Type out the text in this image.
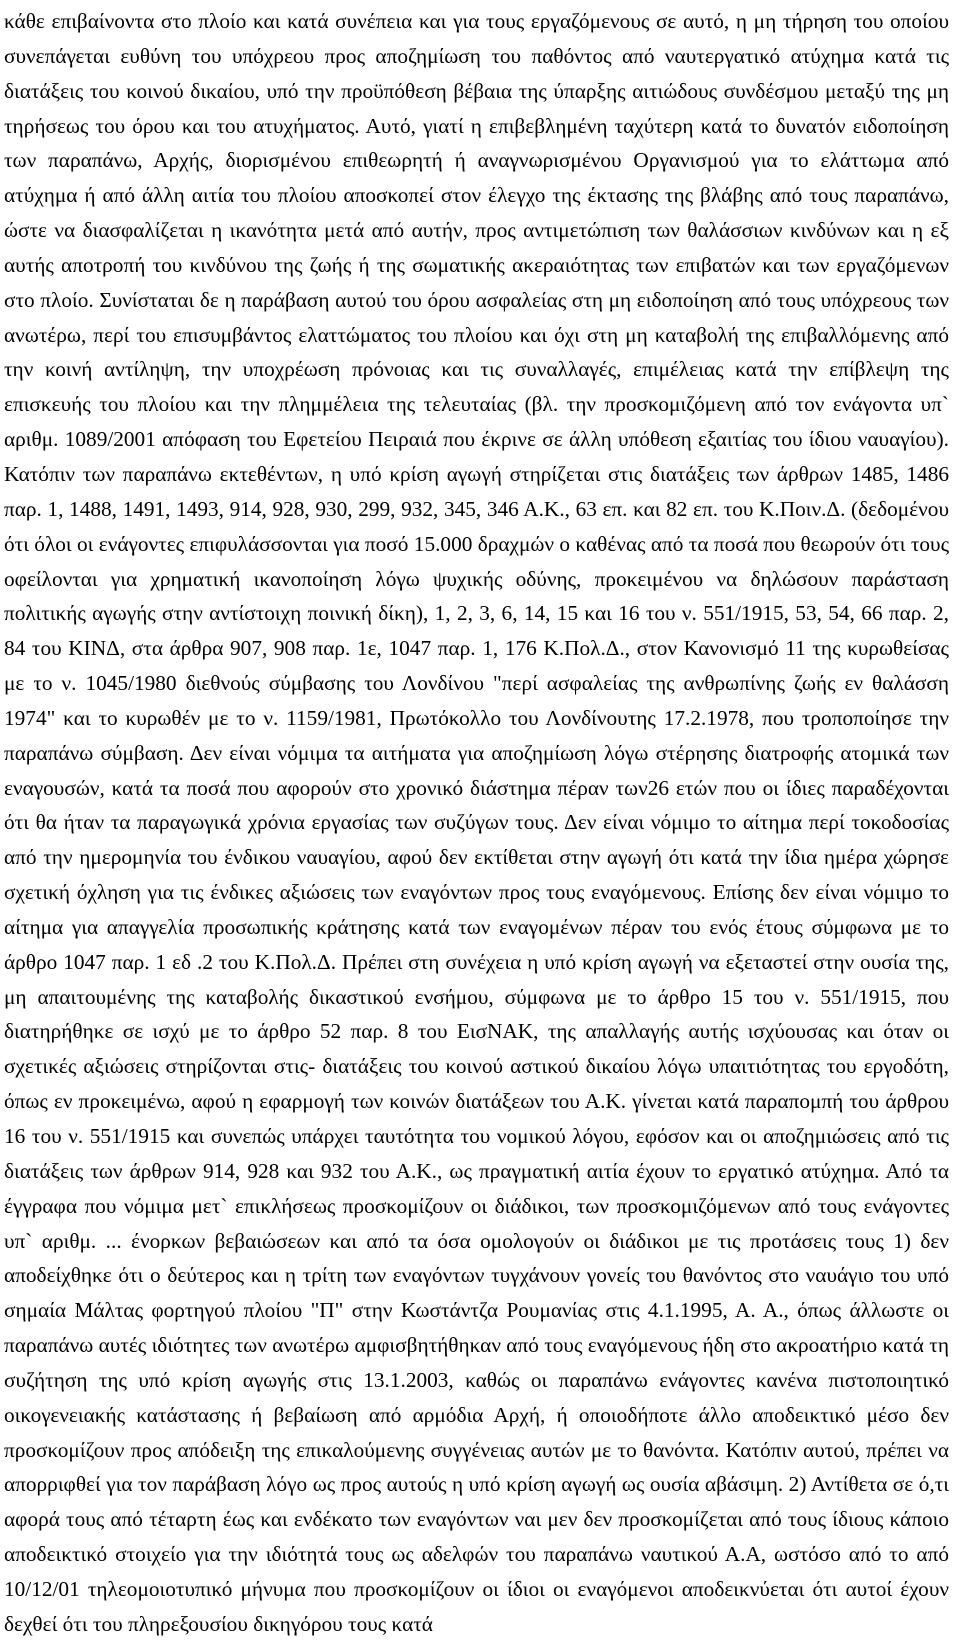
κάθε επιβαίνοντα στο πλοίο και κατά συνέπεια και για τους εργαζόμενους σε αυτό, η μη τήρηση του οποίου συνεπάγεται ευθύνη του υπόχρεου προς αποζημίωση του παθόντος από ναυτεργατικό ατύχημα κατά τις διατάξεις του κοινού δικαίου, υπό την προϋπόθεση βέβαια της ύπαρξης αιτιώδους συνδέσμου μεταξύ της μη τηρήσεως του όρου και του ατυχήματος. Αυτό, γιατί η επιβεβλημένη ταχύτερη κατά το δυνατόν ειδοποίηση των παραπάνω, Αρχής, διορισμένου επιθεωρητή ή αναγνωρισμένου Οργανισμού για το ελάττωμα από ατύχημα ή από άλλη αιτία του πλοίου αποσκοπεί στον έλεγχο της έκτασης της βλάβης από τους παραπάνω, ώστε να διασφαλίζεται η ικανότητα μετά από αυτήν, προς αντιμετώπιση των θαλάσσιων κινδύνων και η εξ αυτής αποτροπή του κινδύνου της ζωής ή της σωματικής ακεραιότητας των επιβατών και των εργαζόμενων στο πλοίο. Συνίσταται δε η παράβαση αυτού του όρου ασφαλείας στη μη ειδοποίηση από τους υπόχρεους των ανωτέρω, περί του επισυμβάντος ελαττώματος του πλοίου και όχι στη μη καταβολή της επιβαλλόμενης από την κοινή αντίληψη, την υποχρέωση πρόνοιας και τις συναλλαγές, επιμέλειας κατά την επίβλεψη της επισκευής του πλοίου και την πλημμέλεια της τελευταίας (βλ. την προσκομιζόμενη από τον ενάγοντα υπ` αριθμ. 1089/2001 απόφαση του Εφετείου Πειραιά που έκρινε σε άλλη υπόθεση εξαιτίας του ίδιου ναυαγίου). Κατόπιν των παραπάνω εκτεθέντων, η υπό κρίση αγωγή στηρίζεται στις διατάξεις των άρθρων 1485, 1486 παρ. 1, 1488, 1491, 1493, 914, 928, 930, 299, 932, 345, 346 Α.Κ., 63 επ. και 82 επ. του Κ.Ποιν.Δ. (δεδομένου ότι όλοι οι ενάγοντες επιφυλάσσονται για ποσό 15.000 δραχμών ο καθένας από τα ποσά που θεωρούν ότι τους οφείλονται για χρηματική ικανοποίηση λόγω ψυχικής οδύνης, προκειμένου να δηλώσουν παράσταση πολιτικής αγωγής στην αντίστοιχη ποινική δίκη), 1, 2, 3, 6, 14, 15 και 16 του ν. 551/1915, 53, 54, 66 παρ. 2, 84 του ΚΙΝΔ, στα άρθρα 907, 908 παρ. 1ε, 1047 παρ. 1, 176 Κ.Πολ.Δ., στον Κανονισμό 11 της κυρωθείσας με το ν. 1045/1980 διεθνούς σύμβασης του Λονδίνου "περί ασφαλείας της ανθρωπίνης ζωής εν θαλάσση 1974" και το κυρωθέν με το ν. 1159/1981, Πρωτόκολλο του Λονδίνουτης 17.2.1978, που τροποποίησε την παραπάνω σύμβαση. Δεν είναι νόμιμα τα αιτήματα για αποζημίωση λόγω στέρησης διατροφής ατομικά των εναγουσών, κατά τα ποσά που αφορούν στο χρονικό διάστημα πέραν των26 ετών που οι ίδιες παραδέχονται ότι θα ήταν τα παραγωγικά χρόνια εργασίας των συζύγων τους. Δεν είναι νόμιμο το αίτημα περί τοκοδοσίας από την ημερομηνία του ένδικου ναυαγίου, αφού δεν εκτίθεται στην αγωγή ότι κατά την ίδια ημέρα χώρησε σχετική όχληση για τις ένδικες αξιώσεις των εναγόντων προς τους εναγόμενους. Επίσης δεν είναι νόμιμο το αίτημα για απαγγελία προσωπικής κράτησης κατά των εναγομένων πέραν του ενός έτους σύμφωνα με το άρθρο 1047 παρ. 1 εδ .2 του Κ.Πολ.Δ. Πρέπει στη συνέχεια η υπό κρίση αγωγή να εξεταστεί στην ουσία της, μη απαιτουμένης της καταβολής δικαστικού ενσήμου, σύμφωνα με το άρθρο 15 του ν. 551/1915, που διατηρήθηκε σε ισχύ με το άρθρο 52 παρ. 8 του ΕισΝΑΚ, της απαλλαγής αυτής ισχύουσας και όταν οι σχετικές αξιώσεις στηρίζονται στις- διατάξεις του κοινού αστικού δικαίου λόγω υπαιτιότητας του εργοδότη, όπως εν προκειμένω, αφού η εφαρμογή των κοινών διατάξεων του Α.Κ. γίνεται κατά παραπομπή του άρθρου 16 του ν. 551/1915 και συνεπώς υπάρχει ταυτότητα του νομικού λόγου, εφόσον και οι αποζημιώσεις από τις διατάξεις των άρθρων 914, 928 και 932 του Α.Κ., ως πραγματική αιτία έχουν το εργατικό ατύχημα. Από τα έγγραφα που νόμιμα μετ` επικλήσεως προσκομίζουν οι διάδικοι, των προσκομιζόμενων από τους ενάγοντες υπ` αριθμ. ... ένορκων βεβαιώσεων και από τα όσα ομολογούν οι διάδικοι με τις προτάσεις τους 1) δεν αποδείχθηκε ότι ο δεύτερος και η τρίτη των εναγόντων τυγχάνουν γονείς του θανόντος στο ναυάγιο του υπό σημαία Μάλτας φορτηγού πλοίου "Π" στην Κωστάντζα Ρουμανίας στις 4.1.1995, Α. Α., όπως άλλωστε οι παραπάνω αυτές ιδιότητες των ανωτέρω αμφισβητήθηκαν από τους εναγόμενους ήδη στο ακροατήριο κατά τη συζήτηση της υπό κρίση αγωγής στις 13.1.2003, καθώς οι παραπάνω ενάγοντες κανένα πιστοποιητικό οικογενειακής κατάστασης ή βεβαίωση από αρμόδια Αρχή, ή οποιοδήποτε άλλο αποδεικτικό μέσο δεν προσκομίζουν προς απόδειξη της επικαλούμενης συγγένειας αυτών με το θανόντα. Κατόπιν αυτού, πρέπει να απορριφθεί για τον παράβαση λόγο ως προς αυτούς η υπό κρίση αγωγή ως ουσία αβάσιμη. 2) Αντίθετα σε ό,τι αφορά τους από τέταρτη έως και ενδέκατο των εναγόντων ναι μεν δεν προσκομίζεται από τους ίδιους κάποιο αποδεικτικό στοιχείο για την ιδιότητά τους ως αδελφών του παραπάνω ναυτικού Α.Α, ωστόσο από το από 10/12/01 τηλεομοιοτυπικό μήνυμα που προσκομίζουν οι ίδιοι οι εναγόμενοι αποδεικνύεται ότι αυτοί έχουν δεχθεί ότι του πληρεξουσίου δικηγόρου τους κατά
